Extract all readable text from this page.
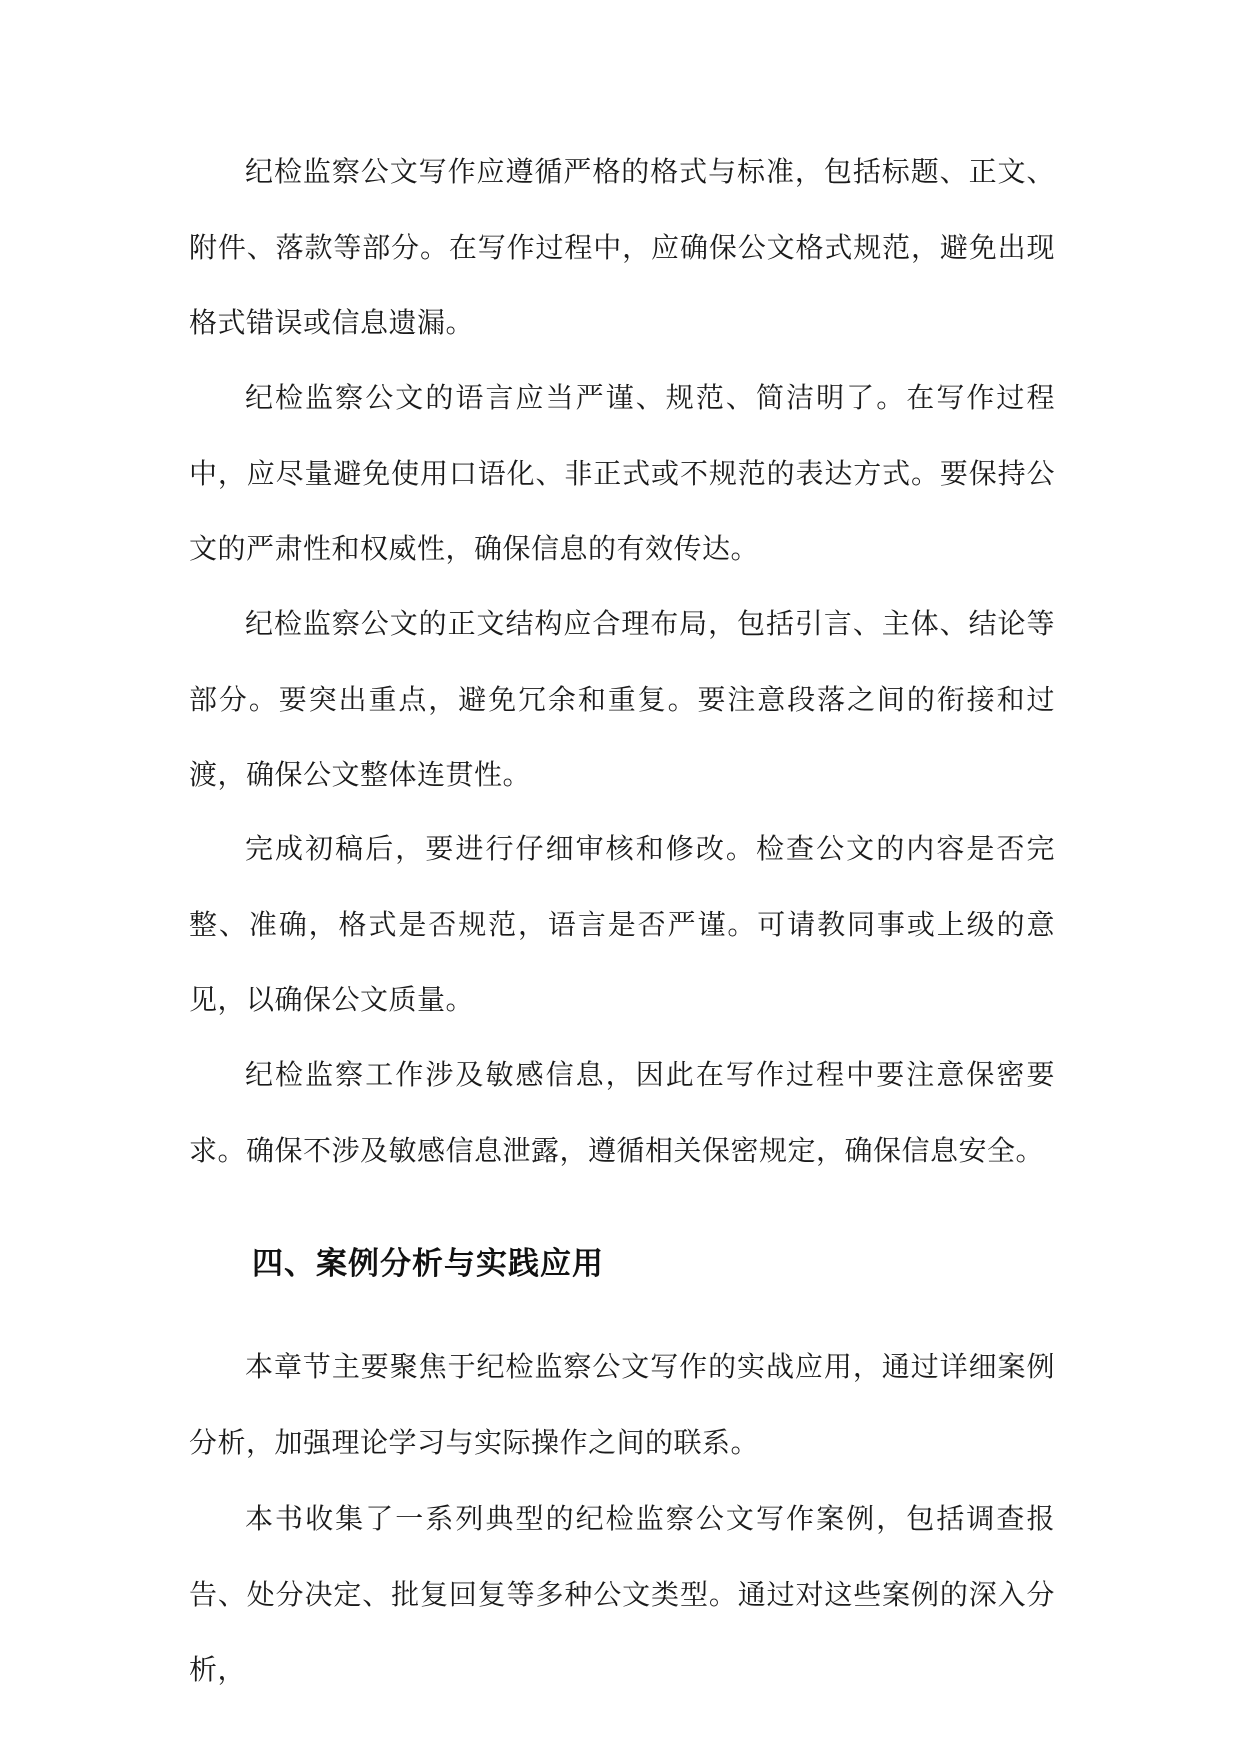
纪检监察公文写作应遵循严格的格式与标准，包括标题、正文、附件、落款等部分。在写作过程中，应确保公文格式规范，避免出现格式错误或信息遗漏。

纪检监察公文的语言应当严谨、规范、简洁明了。在写作过程中，应尽量避免使用口语化、非正式或不规范的表达方式。要保持公文的严肃性和权威性，确保信息的有效传达。

纪检监察公文的正文结构应合理布局，包括引言、主体、结论等部分。要突出重点，避免冗余和重复。要注意段落之间的衔接和过渡，确保公文整体连贯性。

完成初稿后，要进行仔细审核和修改。检查公文的内容是否完整、准确，格式是否规范，语言是否严谨。可请教同事或上级的意见，以确保公文质量。

纪检监察工作涉及敏感信息，因此在写作过程中要注意保密要求。确保不涉及敏感信息泄露，遵循相关保密规定，确保信息安全。

四、案例分析与实践应用

本章节主要聚焦于纪检监察公文写作的实战应用，通过详细案例分析，加强理论学习与实际操作之间的联系。

本书收集了一系列典型的纪检监察公文写作案例，包括调查报告、处分决定、批复回复等多种公文类型。通过对这些案例的深入分析，
